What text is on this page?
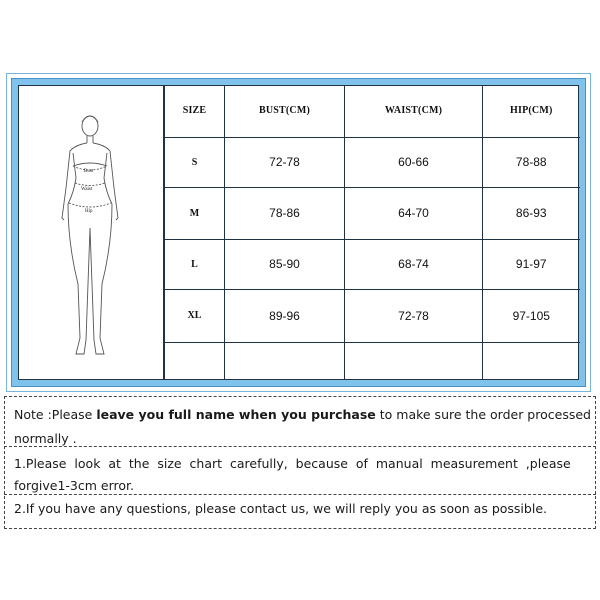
Bust
Waist
Hip
SIZE	BUST(CM)	WAIST(CM)	HIP(CM)
S	72-78	60-66	78-88
M	78-86	64-70	86-93
L	85-90	68-74	91-97
XL	89-96	72-78	97-105

Note :Please leave you full name when you purchase to make sure the order processed
normally .
1.Please  look  at  the  size  chart  carefully,  because  of  manual  measurement  ,please
forgive1-3cm error.
2.If you have any questions, please contact us, we will reply you as soon as possible.
